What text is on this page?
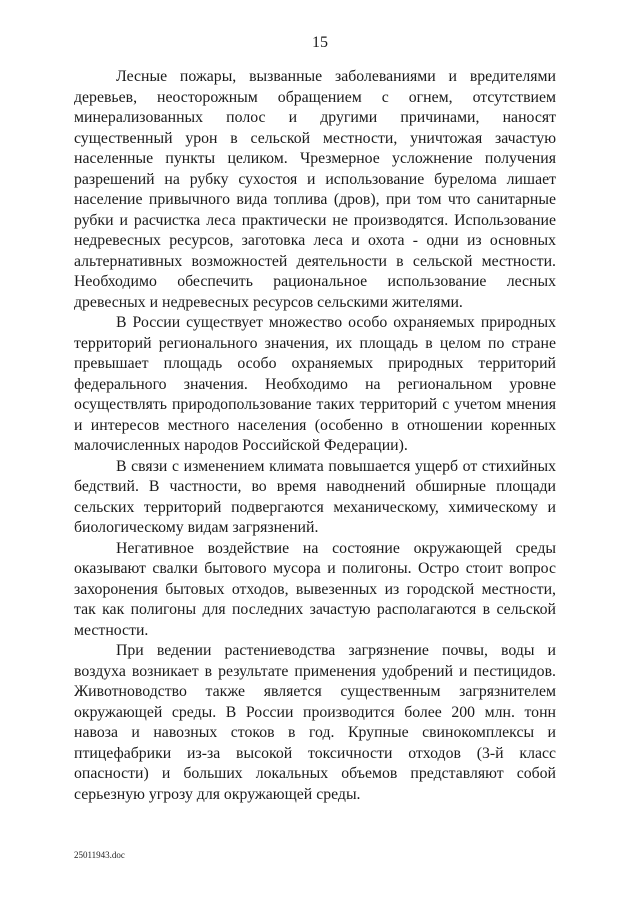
15

Лесные пожары, вызванные заболеваниями и вредителями деревьев, неосторожным обращением с огнем, отсутствием минерализованных полос и другими причинами, наносят существенный урон в сельской местности, уничтожая зачастую населенные пункты целиком. Чрезмерное усложнение получения разрешений на рубку сухостоя и использование бурелома лишает население привычного вида топлива (дров), при том что санитарные рубки и расчистка леса практически не производятся. Использование недревесных ресурсов, заготовка леса и охота - одни из основных альтернативных возможностей деятельности в сельской местности. Необходимо обеспечить рациональное использование лесных древесных и недревесных ресурсов сельскими жителями.

В России существует множество особо охраняемых природных территорий регионального значения, их площадь в целом по стране превышает площадь особо охраняемых природных территорий федерального значения. Необходимо на региональном уровне осуществлять природопользование таких территорий с учетом мнения и интересов местного населения (особенно в отношении коренных малочисленных народов Российской Федерации).

В связи с изменением климата повышается ущерб от стихийных бедствий. В частности, во время наводнений обширные площади сельских территорий подвергаются механическому, химическому и биологическому видам загрязнений.

Негативное воздействие на состояние окружающей среды оказывают свалки бытового мусора и полигоны. Остро стоит вопрос захоронения бытовых отходов, вывезенных из городской местности, так как полигоны для последних зачастую располагаются в сельской местности.

При ведении растениеводства загрязнение почвы, воды и воздуха возникает в результате применения удобрений и пестицидов. Животноводство также является существенным загрязнителем окружающей среды. В России производится более 200 млн. тонн навоза и навозных стоков в год. Крупные свинокомплексы и птицефабрики из-за высокой токсичности отходов (3-й класс опасности) и больших локальных объемов представляют собой серьезную угрозу для окружающей среды.

25011943.doc
